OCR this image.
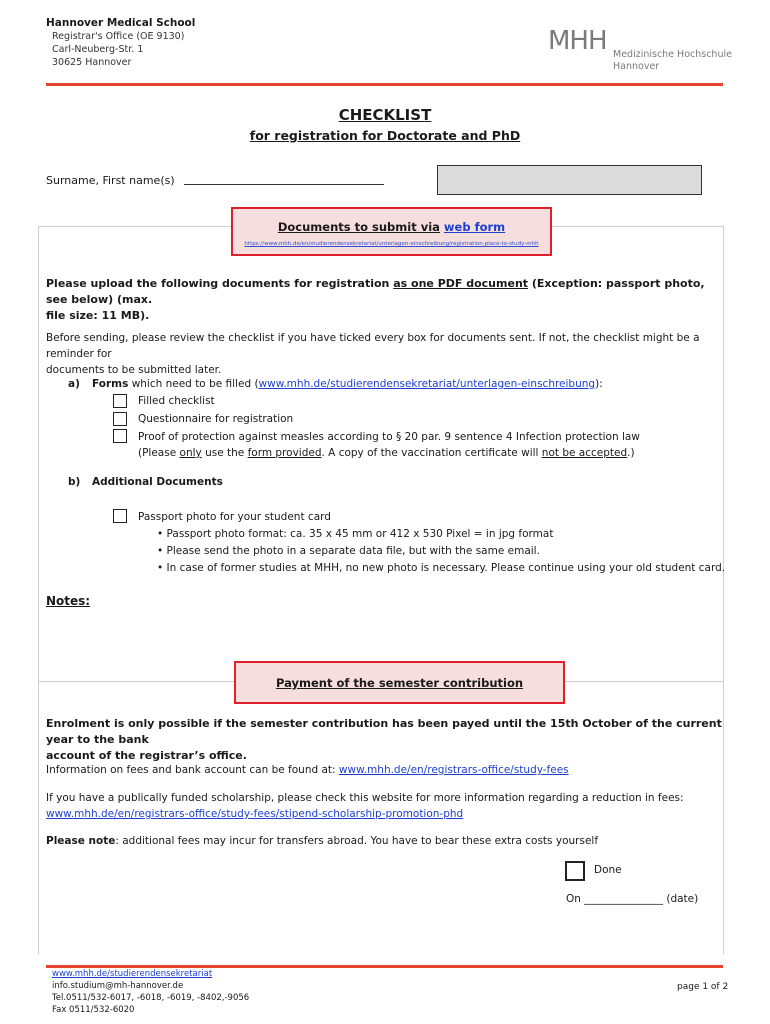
Hannover Medical School
Registrar's Office (OE 9130)
Carl-Neuberg-Str. 1
30625 Hannover
MHH Medizinische Hochschule
Hannover
CHECKLIST
for registration for Doctorate and PhD
Surname, First name(s)
Documents to submit via web form
https://www.mhh.de/en/studierendensekretariat/unterlagen-einschreibung/registration-place-to-study-mhh
Please upload the following documents for registration as one PDF document (Exception: passport photo, see below) (max.
file size: 11 MB).
Before sending, please review the checklist if you have ticked every box for documents sent. If not, the checklist might be a reminder for
documents to be submitted later.
a) Forms which need to be filled (www.mhh.de/studierendensekretariat/unterlagen-einschreibung):
Filled checklist
Questionnaire for registration
Proof of protection against measles according to § 20 par. 9 sentence 4 Infection protection law
(Please only use the form provided. A copy of the vaccination certificate will not be accepted.)
b) Additional Documents
Passport photo for your student card
• Passport photo format: ca. 35 x 45 mm or 412 x 530 Pixel = in jpg format
• Please send the photo in a separate data file, but with the same email.
• In case of former studies at MHH, no new photo is necessary. Please continue using your old student card.
Notes:
Payment of the semester contribution
Enrolment is only possible if the semester contribution has been payed until the 15th October of the current year to the bank
account of the registrar’s office.
Information on fees and bank account can be found at: www.mhh.de/en/registrars-office/study-fees
If you have a publically funded scholarship, please check this website for more information regarding a reduction in fees:
www.mhh.de/en/registrars-office/study-fees/stipend-scholarship-promotion-phd
Please note: additional fees may incur for transfers abroad. You have to bear these extra costs yourself
Done
On _______________ (date)
www.mhh.de/studierendensekretariat
info.studium@mh-hannover.de
Tel.0511/532-6017, -6018, -6019, -8402,-9056
Fax 0511/532-6020
page 1 of 2
